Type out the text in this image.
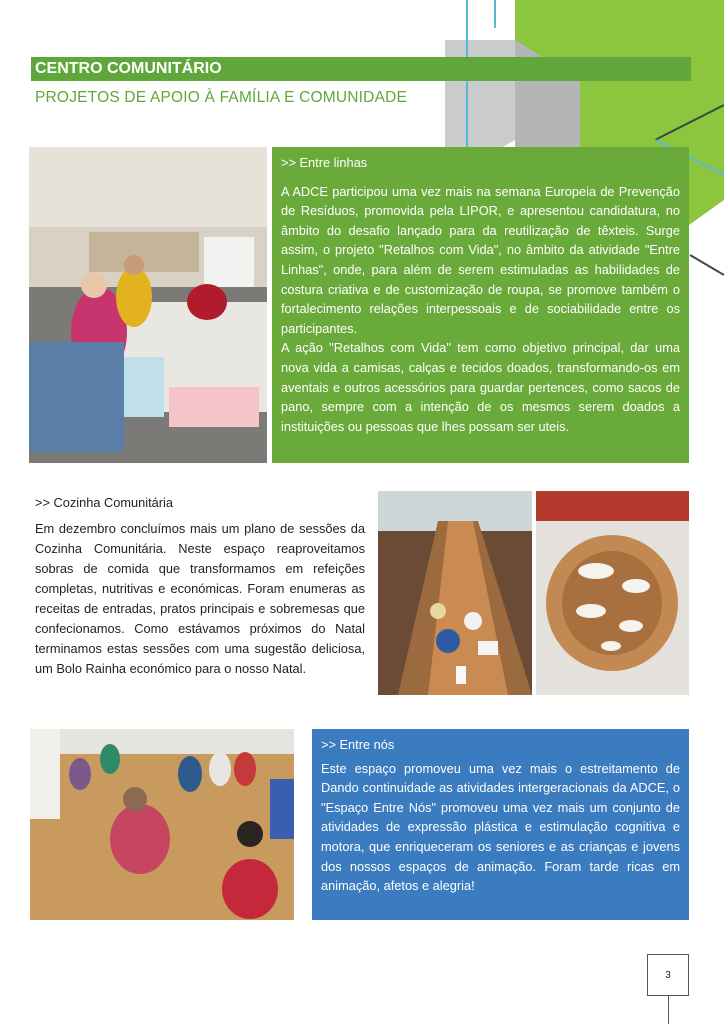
CENTRO COMUNITÁRIO
PROJETOS DE APOIO À FAMÍLIA E COMUNIDADE
>> Entre linhas
A ADCE participou uma vez mais na semana Europeia de Prevenção de Resíduos, promovida pela LIPOR, e apresentou candidatura, no âmbito do desafio lançado para da reutilização de têxteis. Surge assim, o projeto "Retalhos com Vida", no âmbito da atividade "Entre Linhas", onde, para além de serem estimuladas as habilidades de costura criativa e de customização de roupa, se promove também o fortalecimento relações interpessoais e de sociabilidade entre os participantes.
A ação "Retalhos com Vida" tem como objetivo principal, dar uma nova vida a camisas, calças e tecidos doados, transformando-os em aventais e outros acessórios para guardar pertences, como sacos de pano, sempre com a intenção de os mesmos serem doados a instituições ou pessoas que lhes possam ser uteis.
>> Cozinha Comunitária
Em dezembro concluímos mais um plano de sessões da Cozinha Comunitária. Neste espaço reaproveitamos sobras de comida que transformamos em refeições completas, nutritivas e económicas. Foram enumeras as receitas de entradas, pratos principais e sobremesas que confecionamos. Como estávamos próximos do Natal terminamos estas sessões com uma sugestão deliciosa, um Bolo Rainha económico para o nosso Natal.
>> Entre nós
Este espaço promoveu uma vez mais o estreitamento de Dando continuidade as atividades intergeracionais da ADCE, o "Espaço Entre Nós" promoveu uma vez mais um conjunto de atividades de expressão plástica e estimulação cognitiva e motora, que enriqueceram os seniores e as crianças e jovens dos nossos espaços de animação. Foram tarde ricas em animação, afetos e alegria!
3
